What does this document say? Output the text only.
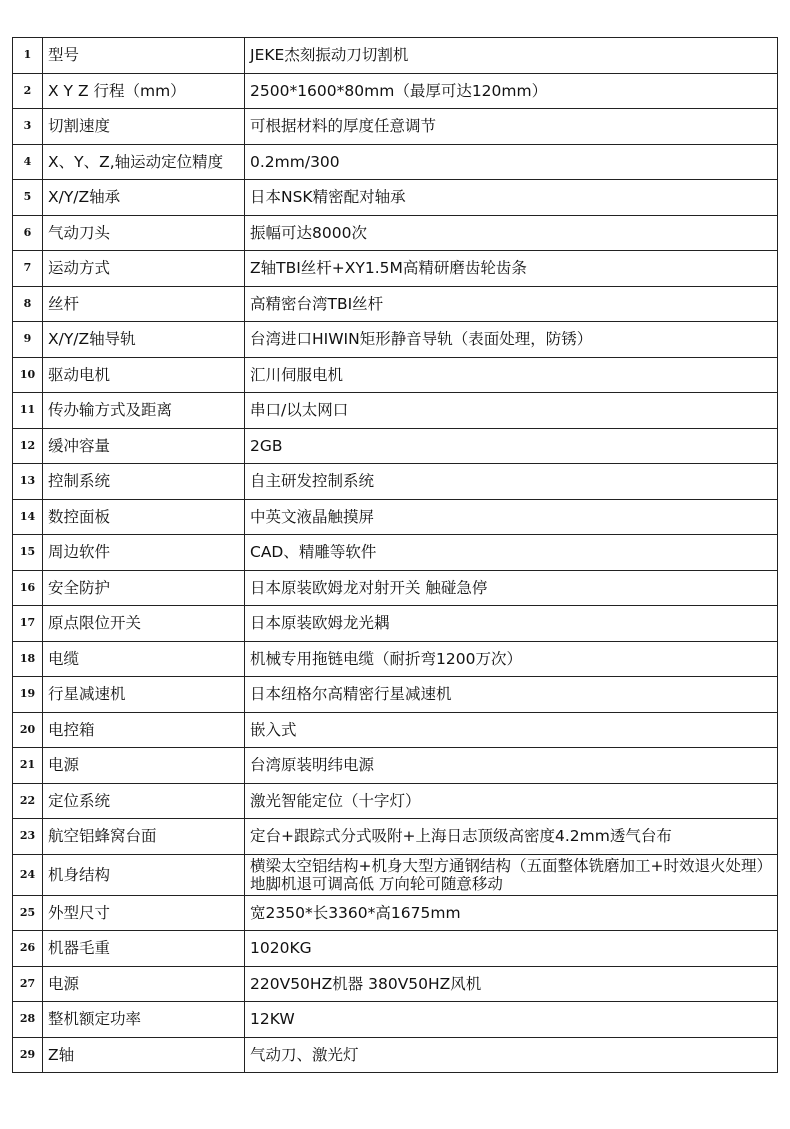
1	型号	JEKE杰刻振动刀切割机
2	X Y Z 行程（mm）	2500*1600*80mm（最厚可达120mm）
3	切割速度	可根据材料的厚度任意调节
4	X、Y、Z,轴运动定位精度	0.2mm/300
5	X/Y/Z轴承	日本NSK精密配对轴承
6	气动刀头	振幅可达8000次
7	运动方式	Z轴TBI丝杆+XY1.5M高精研磨齿轮齿条
8	丝杆	高精密台湾TBI丝杆
9	X/Y/Z轴导轨	台湾进口HIWIN矩形静音导轨（表面处理，防锈）
10	驱动电机	汇川伺服电机
11	传办输方式及距离	串口/以太网口
12	缓冲容量	2GB
13	控制系统	自主研发控制系统
14	数控面板	中英文液晶触摸屏
15	周边软件	CAD、精雕等软件
16	安全防护	日本原装欧姆龙对射开关 触碰急停
17	原点限位开关	日本原装欧姆龙光耦
18	电缆	机械专用拖链电缆（耐折弯1200万次）
19	行星减速机	日本纽格尔高精密行星减速机
20	电控箱	嵌入式
21	电源	台湾原装明纬电源
22	定位系统	激光智能定位（十字灯）
23	航空铝蜂窝台面	定台+跟踪式分式吸附+上海日志顶级高密度4.2mm透气台布
24	机身结构	横梁太空铝结构+机身大型方通钢结构（五面整体铣磨加工+时效退火处理）地脚机退可调高低 万向轮可随意移动
25	外型尺寸	宽2350*长3360*高1675mm
26	机器毛重	1020KG
27	电源	220V50HZ机器 380V50HZ风机
28	整机额定功率	12KW
29	Z轴	气动刀、激光灯
